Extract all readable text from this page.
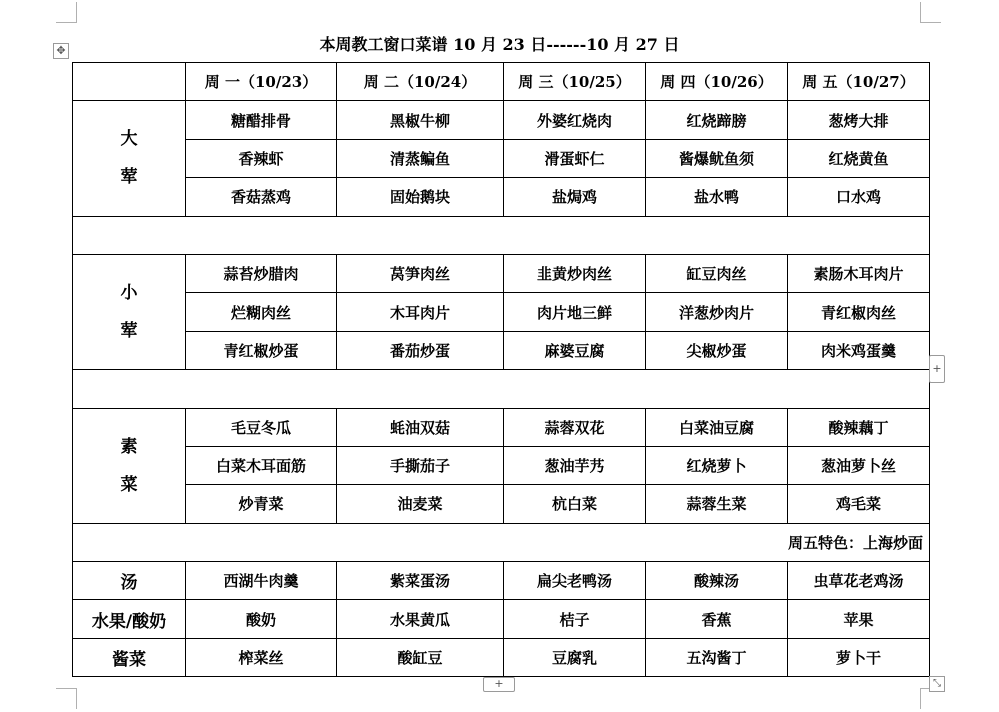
✥	本周教工窗口菜谱 10 月 23 日------10 月 27 日
	周 一（10/23）	周 二（10/24）	周 三（10/25）	周 四（10/26）	周 五（10/27）

大
荤	糖醋排骨	黑椒牛柳	外婆红烧肉	红烧蹄膀	葱烤大排
	香辣虾	清蒸鳊鱼	滑蛋虾仁	酱爆鱿鱼须	红烧黄鱼
	香菇蒸鸡	固始鹅块	盐焗鸡	盐水鸭	口水鸡

小
荤	蒜苔炒腊肉	莴笋肉丝	韭黄炒肉丝	缸豆肉丝	素肠木耳肉片
	烂糊肉丝	木耳肉片	肉片地三鲜	洋葱炒肉片	青红椒肉丝
	青红椒炒蛋	番茄炒蛋	麻婆豆腐	尖椒炒蛋	肉米鸡蛋羹

素
菜	毛豆冬瓜	蚝油双菇	蒜蓉双花	白菜油豆腐	酸辣藕丁
	白菜木耳面筋	手撕茄子	葱油芋艿	红烧萝卜	葱油萝卜丝
	炒青菜	油麦菜	杭白菜	蒜蓉生菜	鸡毛菜
周五特色：上海炒面					
汤	西湖牛肉羹	紫菜蛋汤	扁尖老鸭汤	酸辣汤	虫草花老鸡汤
水果/酸奶	酸奶	水果黄瓜	桔子	香蕉	苹果
酱菜	榨菜丝	酸缸豆	豆腐乳	五沟酱丁	萝卜干
+
+	⤡
